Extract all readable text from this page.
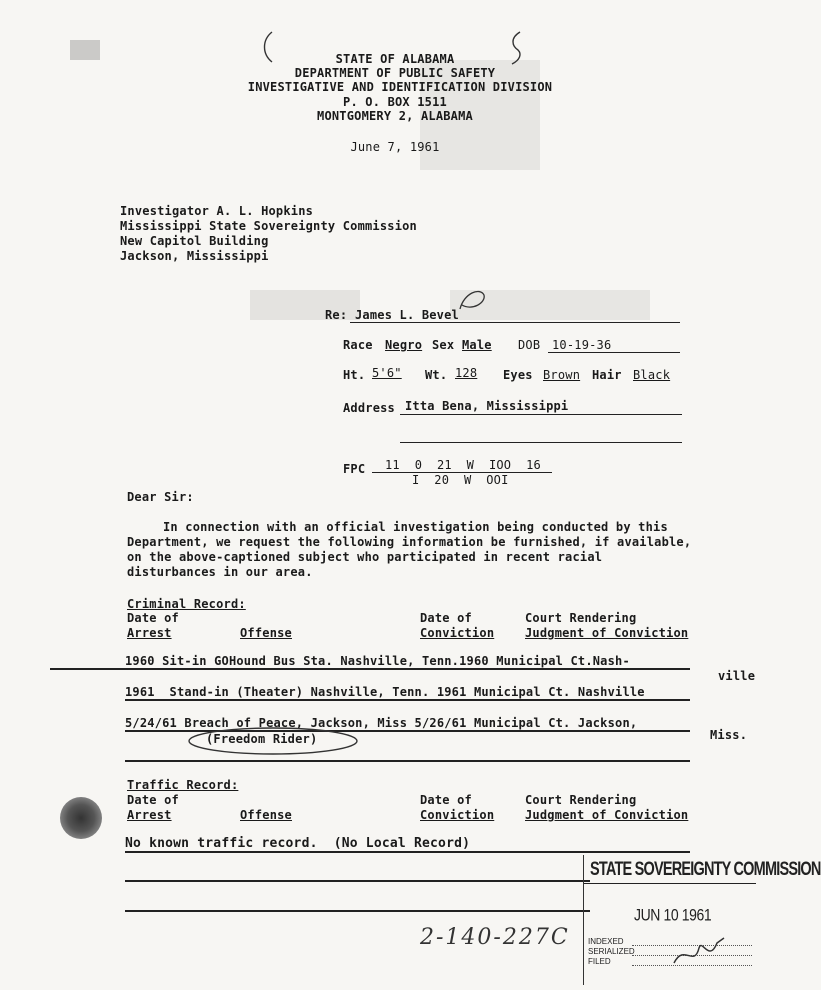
STATE OF ALABAMA
DEPARTMENT OF PUBLIC SAFETY
INVESTIGATIVE AND IDENTIFICATION DIVISION
P. O. BOX 1511
MONTGOMERY 2, ALABAMA
June 7, 1961
Investigator A. L. Hopkins
Mississippi State Sovereignty Commission
New Capitol Building
Jackson, Mississippi
Re: James L. Bevel
Race Negro Sex Male DOB 10-19-36
Ht. 5'6" Wt. 128 Eyes Brown Hair Black
Address Itta Bena, Mississippi
FPC 11  0  21  W  IOO  16
I  20  W  OOI
Dear Sir:
In connection with an official investigation being conducted by this
Department, we request the following information be furnished, if available,
on the above-captioned subject who participated in recent racial
disturbances in our area.
Criminal Record:
Date of
Arrest	Offense
Date of
Conviction
Court Rendering
Judgment of Conviction
1960 Sit-in GOHound Bus Sta. Nashville, Tenn.1960 Municipal Ct.Nash-
ville
1961  Stand-in (Theater) Nashville, Tenn. 1961 Municipal Ct. Nashville
5/24/61 Breach of Peace, Jackson, Miss 5/26/61 Municipal Ct. Jackson,
Miss.
(Freedom Rider)
Traffic Record:
Date of
Arrest	Offense
Date of
Conviction
Court Rendering
Judgment of Conviction
No known traffic record.  (No Local Record)
STATE SOVEREIGNTY COMMISSION
JUN 10 1961
INDEXED
SERIALIZED
FILED
2-140-227C
